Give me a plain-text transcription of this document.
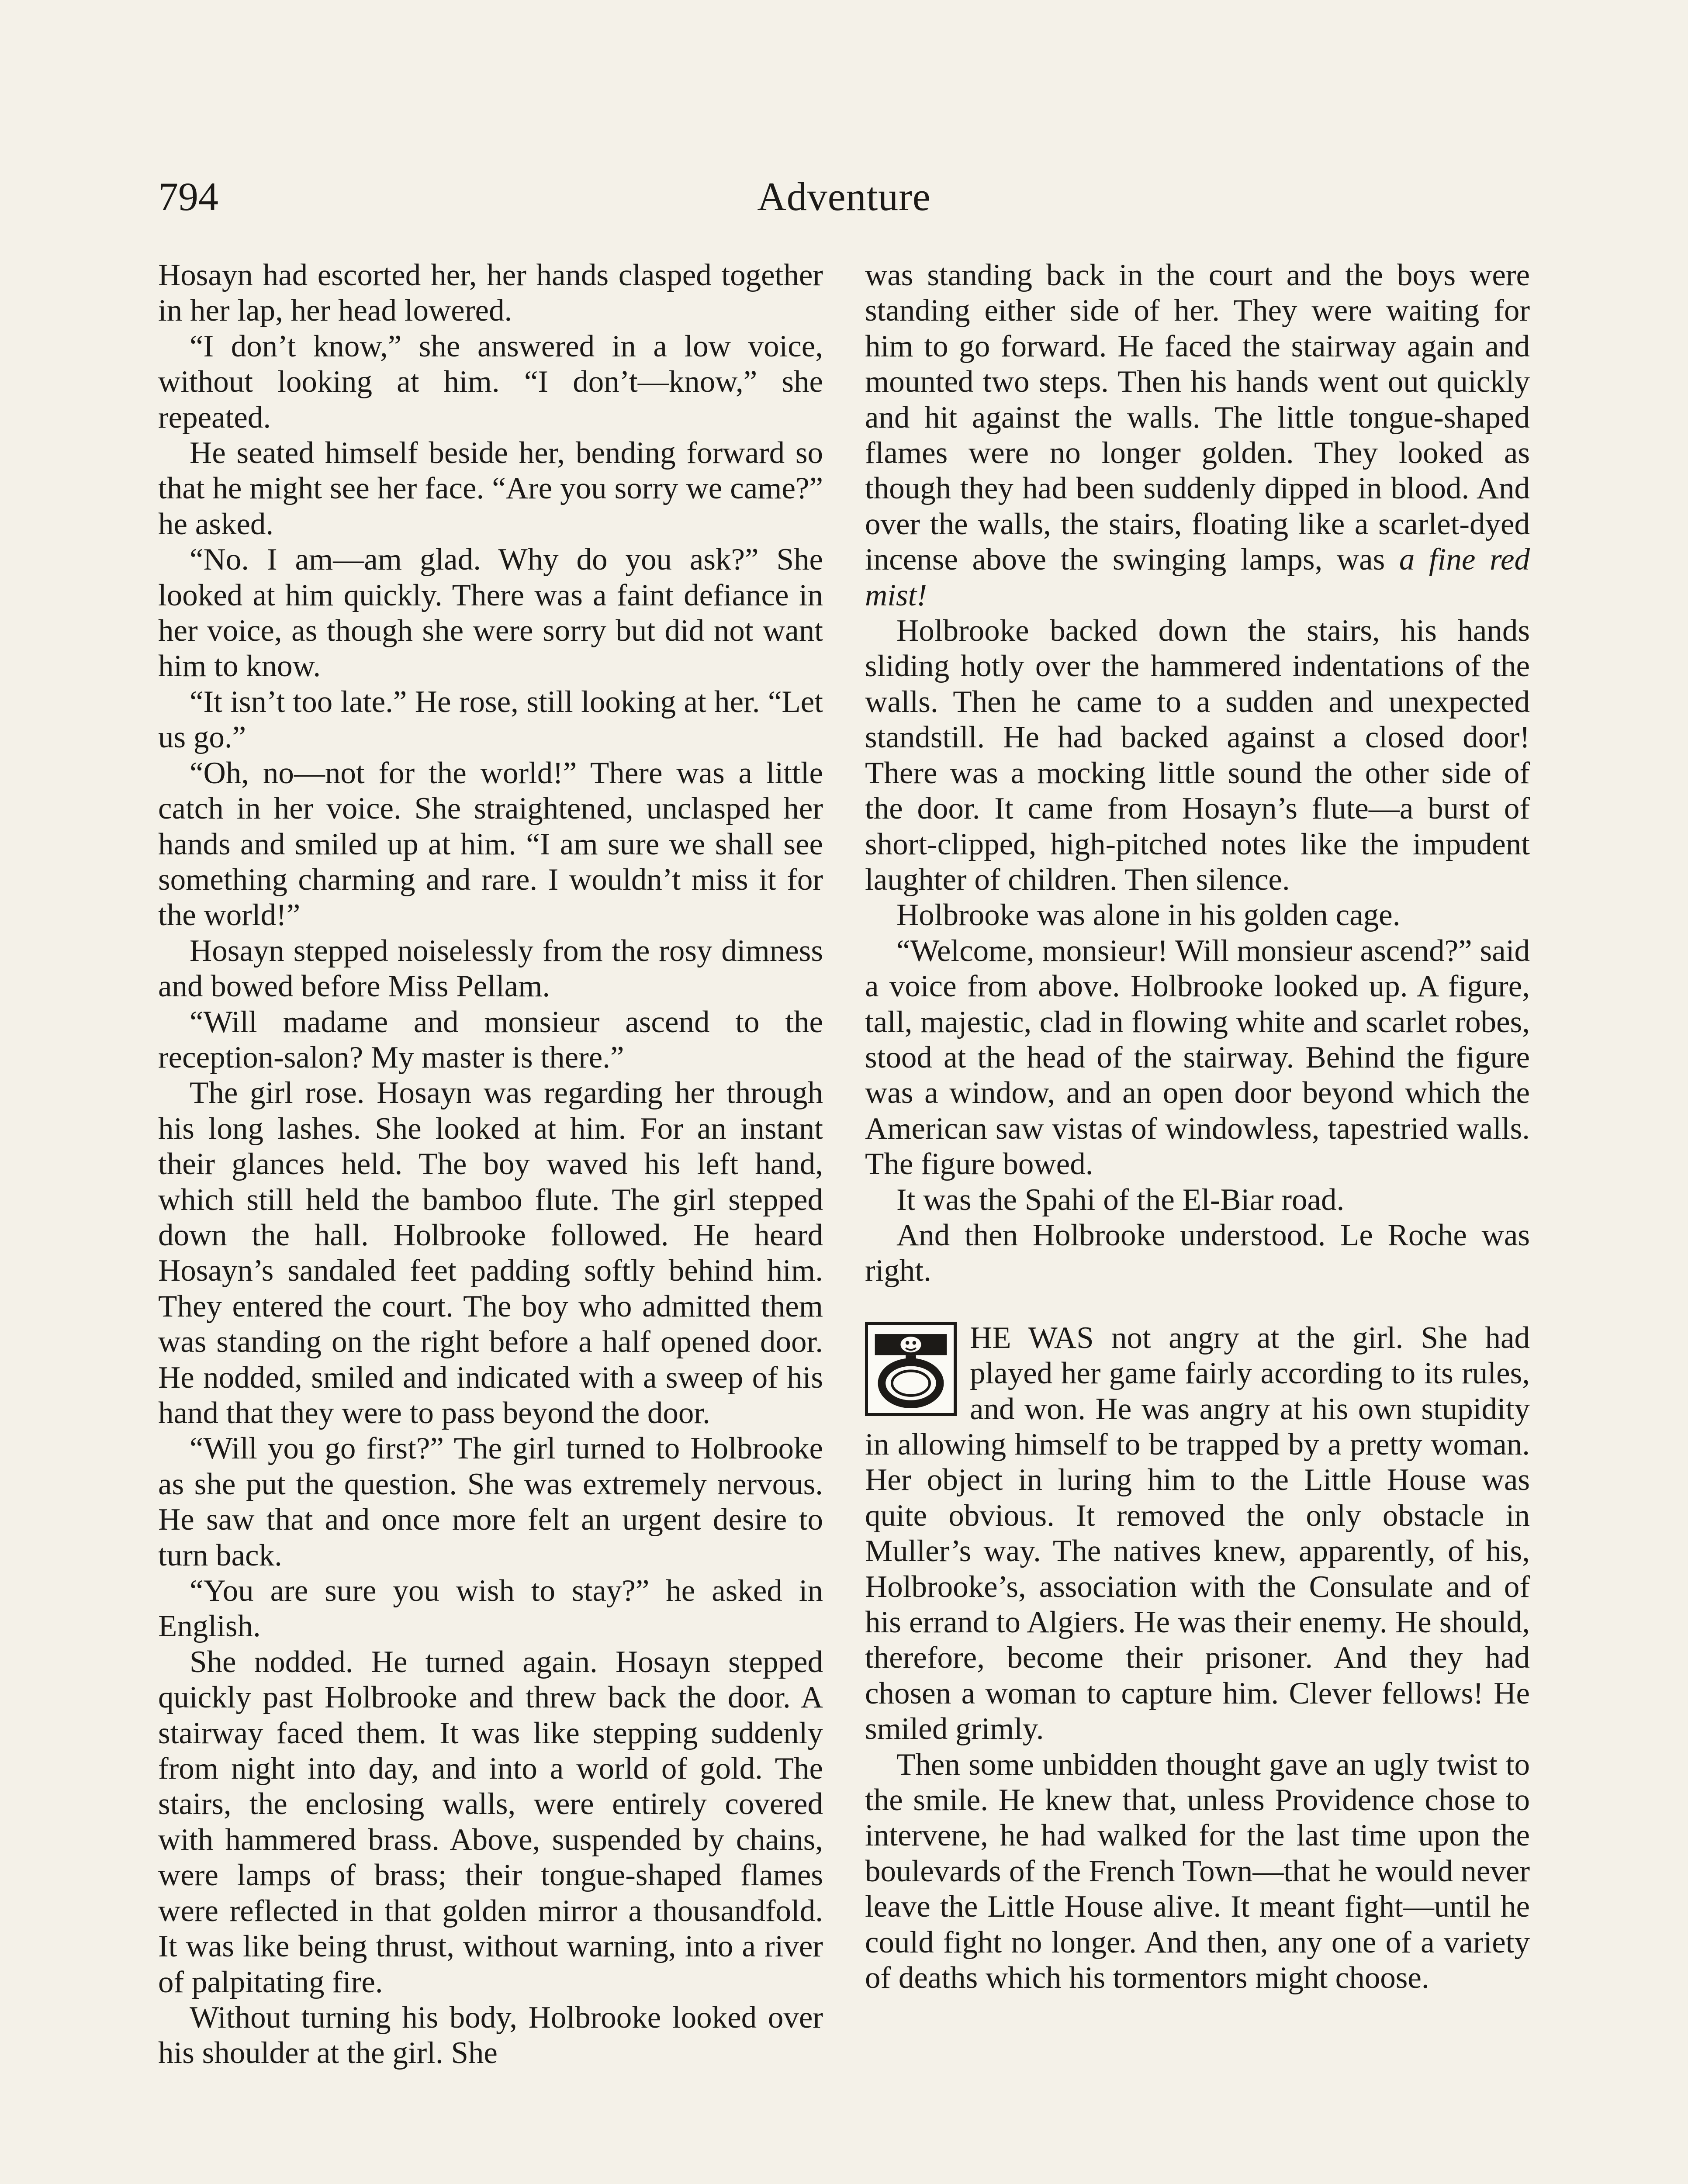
794	Adventure

Hosayn had escorted her, her hands clasped together in her lap, her head lowered.

“I don’t know,” she answered in a low voice, without looking at him. “I don’t—know,” she repeated.

He seated himself beside her, bending forward so that he might see her face. “Are you sorry we came?” he asked.

“No. I am—am glad. Why do you ask?” She looked at him quickly. There was a faint defiance in her voice, as though she were sorry but did not want him to know.

“It isn’t too late.” He rose, still looking at her. “Let us go.”

“Oh, no—not for the world!” There was a little catch in her voice. She straightened, unclasped her hands and smiled up at him. “I am sure we shall see something charming and rare. I wouldn’t miss it for the world!”

Hosayn stepped noiselessly from the rosy dimness and bowed before Miss Pellam.

“Will madame and monsieur ascend to the reception-salon? My master is there.”

The girl rose. Hosayn was regarding her through his long lashes. She looked at him. For an instant their glances held. The boy waved his left hand, which still held the bamboo flute. The girl stepped down the hall. Holbrooke followed. He heard Hosayn’s sandaled feet padding softly behind him. They entered the court. The boy who admitted them was standing on the right before a half opened door. He nodded, smiled and indicated with a sweep of his hand that they were to pass beyond the door.

“Will you go first?” The girl turned to Holbrooke as she put the question. She was extremely nervous. He saw that and once more felt an urgent desire to turn back.

“You are sure you wish to stay?” he asked in English.

She nodded. He turned again. Hosayn stepped quickly past Holbrooke and threw back the door. A stairway faced them. It was like stepping suddenly from night into day, and into a world of gold. The stairs, the enclosing walls, were entirely covered with hammered brass. Above, suspended by chains, were lamps of brass; their tongue-shaped flames were reflected in that golden mirror a thousandfold. It was like being thrust, without warning, into a river of palpitating fire.

Without turning his body, Holbrooke looked over his shoulder at the girl. She

was standing back in the court and the boys were standing either side of her. They were waiting for him to go forward. He faced the stairway again and mounted two steps. Then his hands went out quickly and hit against the walls. The little tongue-shaped flames were no longer golden. They looked as though they had been suddenly dipped in blood. And over the walls, the stairs, floating like a scarlet-dyed incense above the swinging lamps, was a fine red mist!

Holbrooke backed down the stairs, his hands sliding hotly over the hammered indentations of the walls. Then he came to a sudden and unexpected standstill. He had backed against a closed door! There was a mocking little sound the other side of the door. It came from Hosayn’s flute—a burst of short-clipped, high-pitched notes like the impudent laughter of children. Then silence.

Holbrooke was alone in his golden cage.

“Welcome, monsieur! Will monsieur ascend?” said a voice from above. Holbrooke looked up. A figure, tall, majestic, clad in flowing white and scarlet robes, stood at the head of the stairway. Behind the figure was a window, and an open door beyond which the American saw vistas of windowless, tapestried walls. The figure bowed.

It was the Spahi of the El-Biar road.

And then Holbrooke understood. Le Roche was right.

HE WAS not angry at the girl. She had played her game fairly according to its rules, and won. He was angry at his own stupidity in allowing himself to be trapped by a pretty woman. Her object in luring him to the Little House was quite obvious. It removed the only obstacle in Muller’s way. The natives knew, apparently, of his, Holbrooke’s, association with the Consulate and of his errand to Algiers. He was their enemy. He should, therefore, become their prisoner. And they had chosen a woman to capture him. Clever fellows! He smiled grimly.

Then some unbidden thought gave an ugly twist to the smile. He knew that, unless Providence chose to intervene, he had walked for the last time upon the boulevards of the French Town—that he would never leave the Little House alive. It meant fight—until he could fight no longer. And then, any one of a variety of deaths which his tormentors might choose.
